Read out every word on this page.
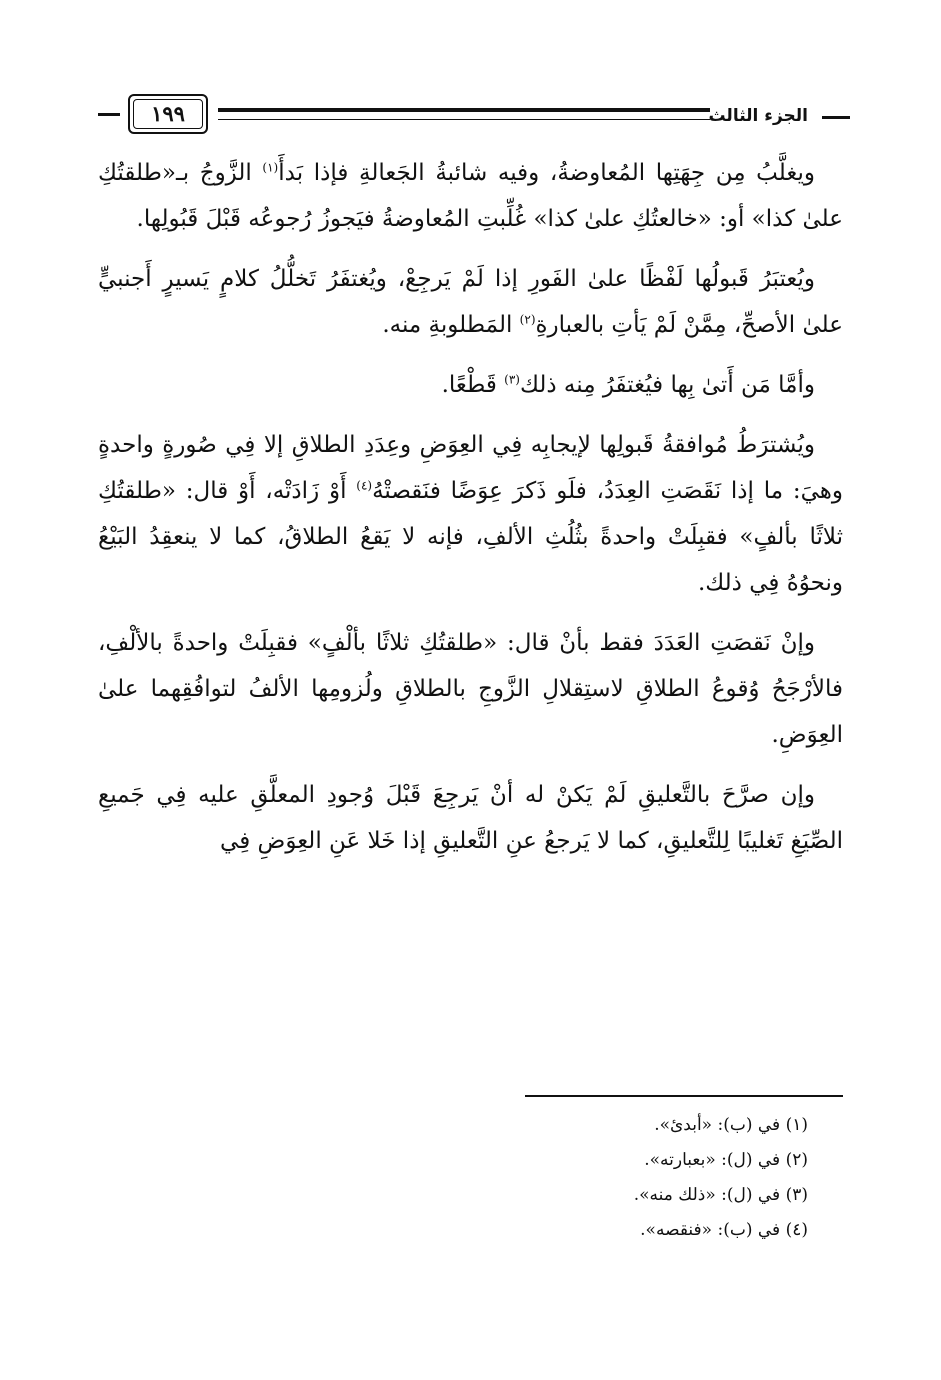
الجزء الثالث
١٩٩

ويغلَّبُ مِن جِهَتِها المُعاوضةُ، وفيه شائبةُ الجَعالةِ فإذا بَدأَ$^{(١)}$ الزَّوجُ بـ«طلقتُكِ علىٰ كذا» أو: «خالعتُكِ علىٰ كذا» غُلِّبتِ المُعاوضةُ فيَجوزُ رُجوعُه قَبْلَ قَبُولِها.

ويُعتبَرُ قَبولُها لَفْظًا علىٰ الفَورِ إذا لَمْ يَرجِعْ، ويُغتفَرُ تَخلُّلُ كلامٍ يَسيرٍ أَجنبيٍّ علىٰ الأصحِّ، مِمَّنْ لَمْ يَأتِ بالعبارةِ$^{(٢)}$ المَطلوبةِ منه.

وأمَّا مَن أَتىٰ بِها فيُغتفَرُ مِنه ذلك$^{(٣)}$ قَطْعًا.

ويُشترَطُ مُوافقةُ قَبولِها لإيجابِه فِي العِوَضِ وعِدَدِ الطلاقِ إلا فِي صُورةٍ واحدةٍ وهيَ: ما إذا نَقَصَتِ العِدَدُ، فلَو ذَكرَ عِوَضًا فنَقصتْهُ$^{(٤)}$ أَوْ زَادَتْه، أَوْ قال: «طلقتُكِ ثلاثًا بألفٍ» فقبِلَتْ واحدةً بثُلُثِ الألفِ، فإنه لا يَقعُ الطلاقُ، كما لا ينعقِدُ البَيْعُ ونحوُهُ فِي ذلك.

وإنْ نَقصَتِ العَدَدَ فقط بأنْ قال: «طلقتُكِ ثلاثًا بألْفٍ» فقبِلَتْ واحدةً بالألْفِ، فالأرْجَحُ وُقوعُ الطلاقِ لاستِقلالِ الزَّوجِ بالطلاقِ ولُزومِها الألفُ لتوافُقِهما علىٰ العِوَضِ.

وإن صرَّحَ بالتَّعليقِ لَمْ يَكنْ له أنْ يَرجِعَ قَبْلَ وُجودِ المعلَّقِ عليه فِي جَميعِ الصِّيَغِ تَغليبًا لِلتَّعليقِ، كما لا يَرجعُ عنِ التَّعليقِ إذا خَلا عَنِ العِوَضِ فِي

(١) في (ب): «أبدئ».
(٢) في (ل): «بعبارته».
(٣) في (ل): «ذلك منه».
(٤) في (ب): «فنقصه».
